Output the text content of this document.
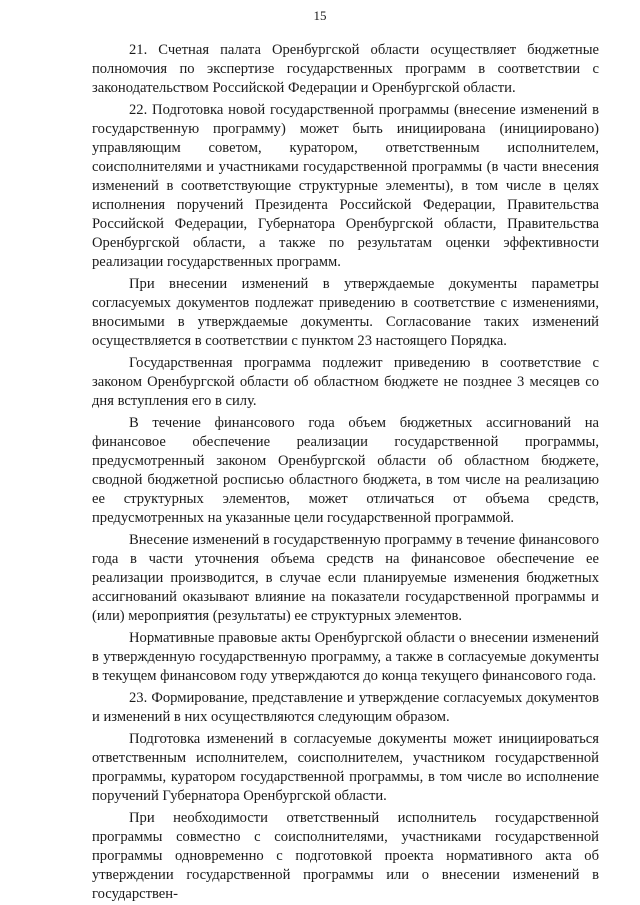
15

21. Счетная палата Оренбургской области осуществляет бюджетные полномочия по экспертизе государственных программ в соответствии с законодательством Российской Федерации и Оренбургской области.

22. Подготовка новой государственной программы (внесение изменений в государственную программу) может быть инициирована (инициировано) управляющим советом, куратором, ответственным исполнителем, соисполнителями и участниками государственной программы (в части внесения изменений в соответствующие структурные элементы), в том числе в целях исполнения поручений Президента Российской Федерации, Правительства Российской Федерации, Губернатора Оренбургской области, Правительства Оренбургской области, а также по результатам оценки эффективности реализации государственных программ.

При внесении изменений в утверждаемые документы параметры согласуемых документов подлежат приведению в соответствие с изменениями, вносимыми в утверждаемые документы. Согласование таких изменений осуществляется в соответствии с пунктом 23 настоящего Порядка.

Государственная программа подлежит приведению в соответствие с законом Оренбургской области об областном бюджете не позднее 3 месяцев со дня вступления его в силу.

В течение финансового года объем бюджетных ассигнований на финансовое обеспечение реализации государственной программы, предусмотренный законом Оренбургской области об областном бюджете, сводной бюджетной росписью областного бюджета, в том числе на реализацию ее структурных элементов, может отличаться от объема средств, предусмотренных на указанные цели государственной программой.

Внесение изменений в государственную программу в течение финансового года в части уточнения объема средств на финансовое обеспечение ее реализации производится, в случае если планируемые изменения бюджетных ассигнований оказывают влияние на показатели государственной программы и (или) мероприятия (результаты) ее структурных элементов.

Нормативные правовые акты Оренбургской области о внесении изменений в утвержденную государственную программу, а также в согласуемые документы в текущем финансовом году утверждаются до конца текущего финансового года.

23. Формирование, представление и утверждение согласуемых документов и изменений в них осуществляются следующим образом.

Подготовка изменений в согласуемые документы может инициироваться ответственным исполнителем, соисполнителем, участником государственной программы, куратором государственной программы, в том числе во исполнение поручений Губернатора Оренбургской области.

При необходимости ответственный исполнитель государственной программы совместно с соисполнителями, участниками государственной программы одновременно с подготовкой проекта нормативного акта об утверждении государственной программы или о внесении изменений в государствен-
